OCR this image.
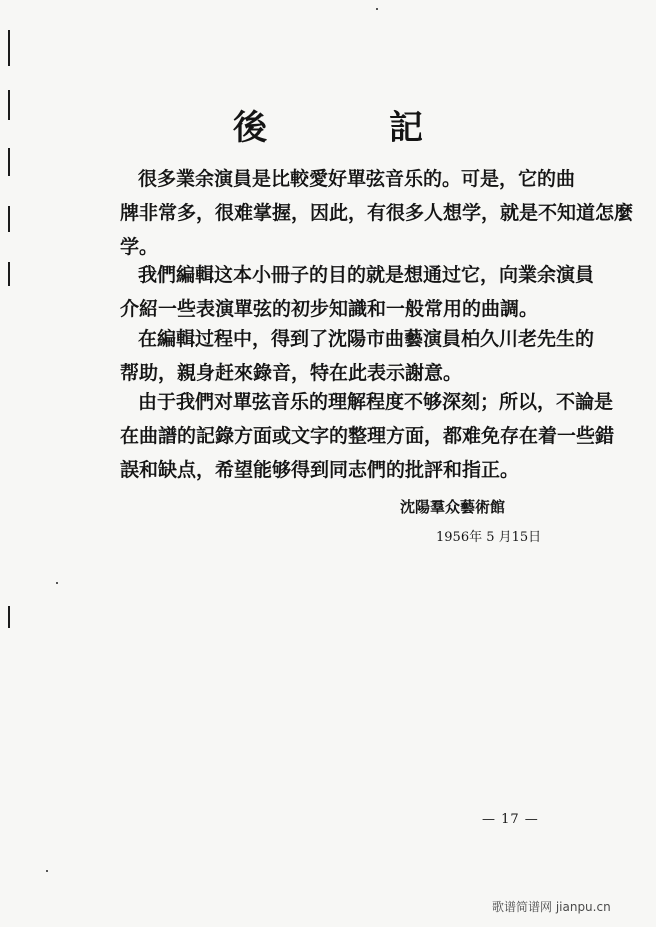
後　記

很多業余演員是比較愛好單弦音乐的。可是，它的曲
牌非常多，很难掌握，因此，有很多人想学，就是不知道怎麼
学。

我們編輯这本小冊子的目的就是想通过它，向業余演員
介紹一些表演單弦的初步知識和一般常用的曲調。

在編輯过程中，得到了沈陽市曲藝演員柏久川老先生的
帮助，親身赶來錄音，特在此表示謝意。

由于我們对單弦音乐的理解程度不够深刻；所以，不論是
在曲譜的記錄方面或文字的整理方面，都难免存在着一些錯
誤和缺点，希望能够得到同志們的批評和指正。

沈陽羣众藝術館
1956年 5 月15日
— 17 —
歌谱简谱网 jianpu.cn
